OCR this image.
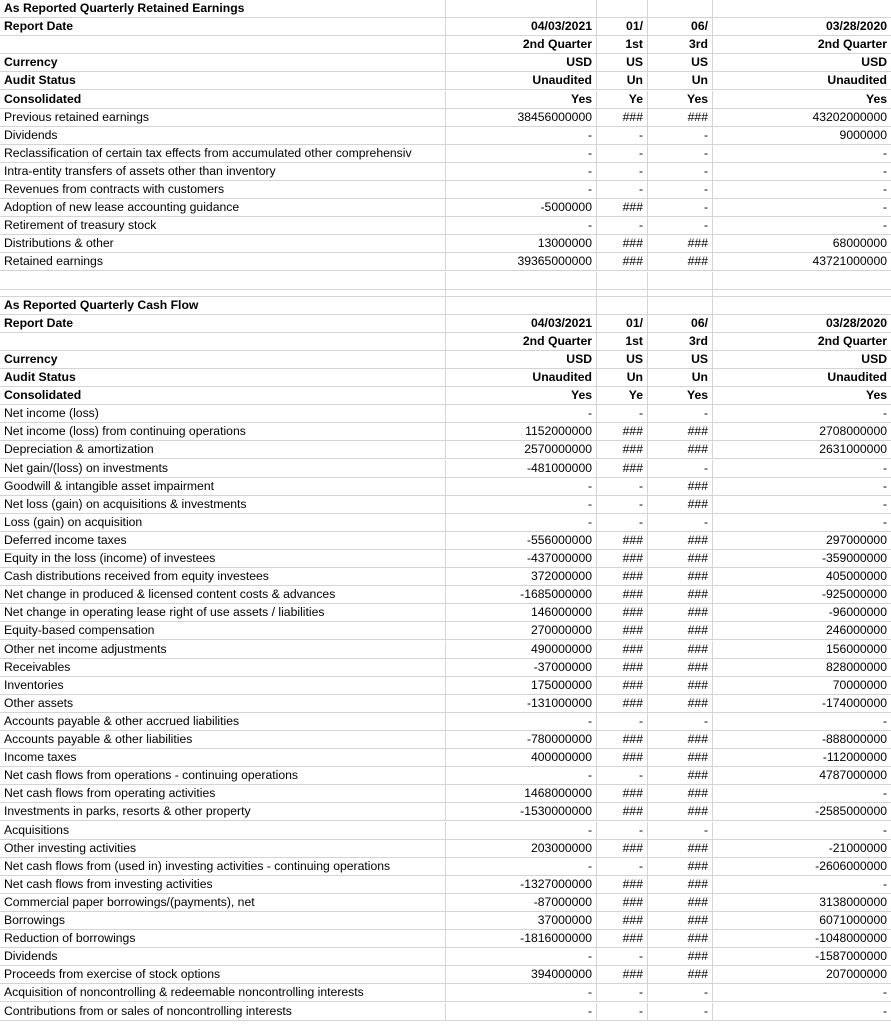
As Reported Quarterly Retained Earnings
Report Date	04/03/2021	01/	06/	03/28/2020
2nd Quarter	1st	3rd	2nd Quarter
Currency	USD	US	US	USD
Audit Status	Unaudited	Un	Un	Unaudited
Consolidated	Yes	Ye	Yes	Yes
Previous retained earnings	38456000000	###	###	43202000000
Dividends	-	-	-	9000000
Reclassification of certain tax effects from accumulated other comprehensiv	-	-	-	-
Intra-entity transfers of assets other than inventory	-	-	-	-
Revenues from contracts with customers	-	-	-	-
Adoption of new lease accounting guidance	-5000000	###	-	-
Retirement of treasury stock	-	-	-	-
Distributions & other	13000000	###	###	68000000
Retained earnings	39365000000	###	###	43721000000
As Reported Quarterly Cash Flow
Report Date	04/03/2021	01/	06/	03/28/2020
2nd Quarter	1st	3rd	2nd Quarter
Currency	USD	US	US	USD
Audit Status	Unaudited	Un	Un	Unaudited
Consolidated	Yes	Ye	Yes	Yes
Net income (loss)	-	-	-	-
Net income (loss) from continuing operations	1152000000	###	###	2708000000
Depreciation & amortization	2570000000	###	###	2631000000
Net gain/(loss) on investments	-481000000	###	-	-
Goodwill & intangible asset impairment	-	-	###	-
Net loss (gain) on acquisitions & investments	-	-	###	-
Loss (gain) on acquisition	-	-	-	-
Deferred income taxes	-556000000	###	###	297000000
Equity in the loss (income) of investees	-437000000	###	###	-359000000
Cash distributions received from equity investees	372000000	###	###	405000000
Net change in produced & licensed content costs & advances	-1685000000	###	###	-925000000
Net change in operating lease right of use assets / liabilities	146000000	###	###	-96000000
Equity-based compensation	270000000	###	###	246000000
Other net income adjustments	490000000	###	###	156000000
Receivables	-37000000	###	###	828000000
Inventories	175000000	###	###	70000000
Other assets	-131000000	###	###	-174000000
Accounts payable & other accrued liabilities	-	-	-	-
Accounts payable & other liabilities	-780000000	###	###	-888000000
Income taxes	400000000	###	###	-112000000
Net cash flows from operations - continuing operations	-	-	###	4787000000
Net cash flows from operating activities	1468000000	###	###	-
Investments in parks, resorts & other property	-1530000000	###	###	-2585000000
Acquisitions	-	-	-	-
Other investing activities	203000000	###	###	-21000000
Net cash flows from (used in) investing activities - continuing operations	-	-	###	-2606000000
Net cash flows from investing activities	-1327000000	###	###	-
Commercial paper borrowings/(payments), net	-87000000	###	###	3138000000
Borrowings	37000000	###	###	6071000000
Reduction of borrowings	-1816000000	###	###	-1048000000
Dividends	-	-	###	-1587000000
Proceeds from exercise of stock options	394000000	###	###	207000000
Acquisition of noncontrolling & redeemable noncontrolling interests	-	-	-	-
Contributions from or sales of noncontrolling interests	-	-	-	-
